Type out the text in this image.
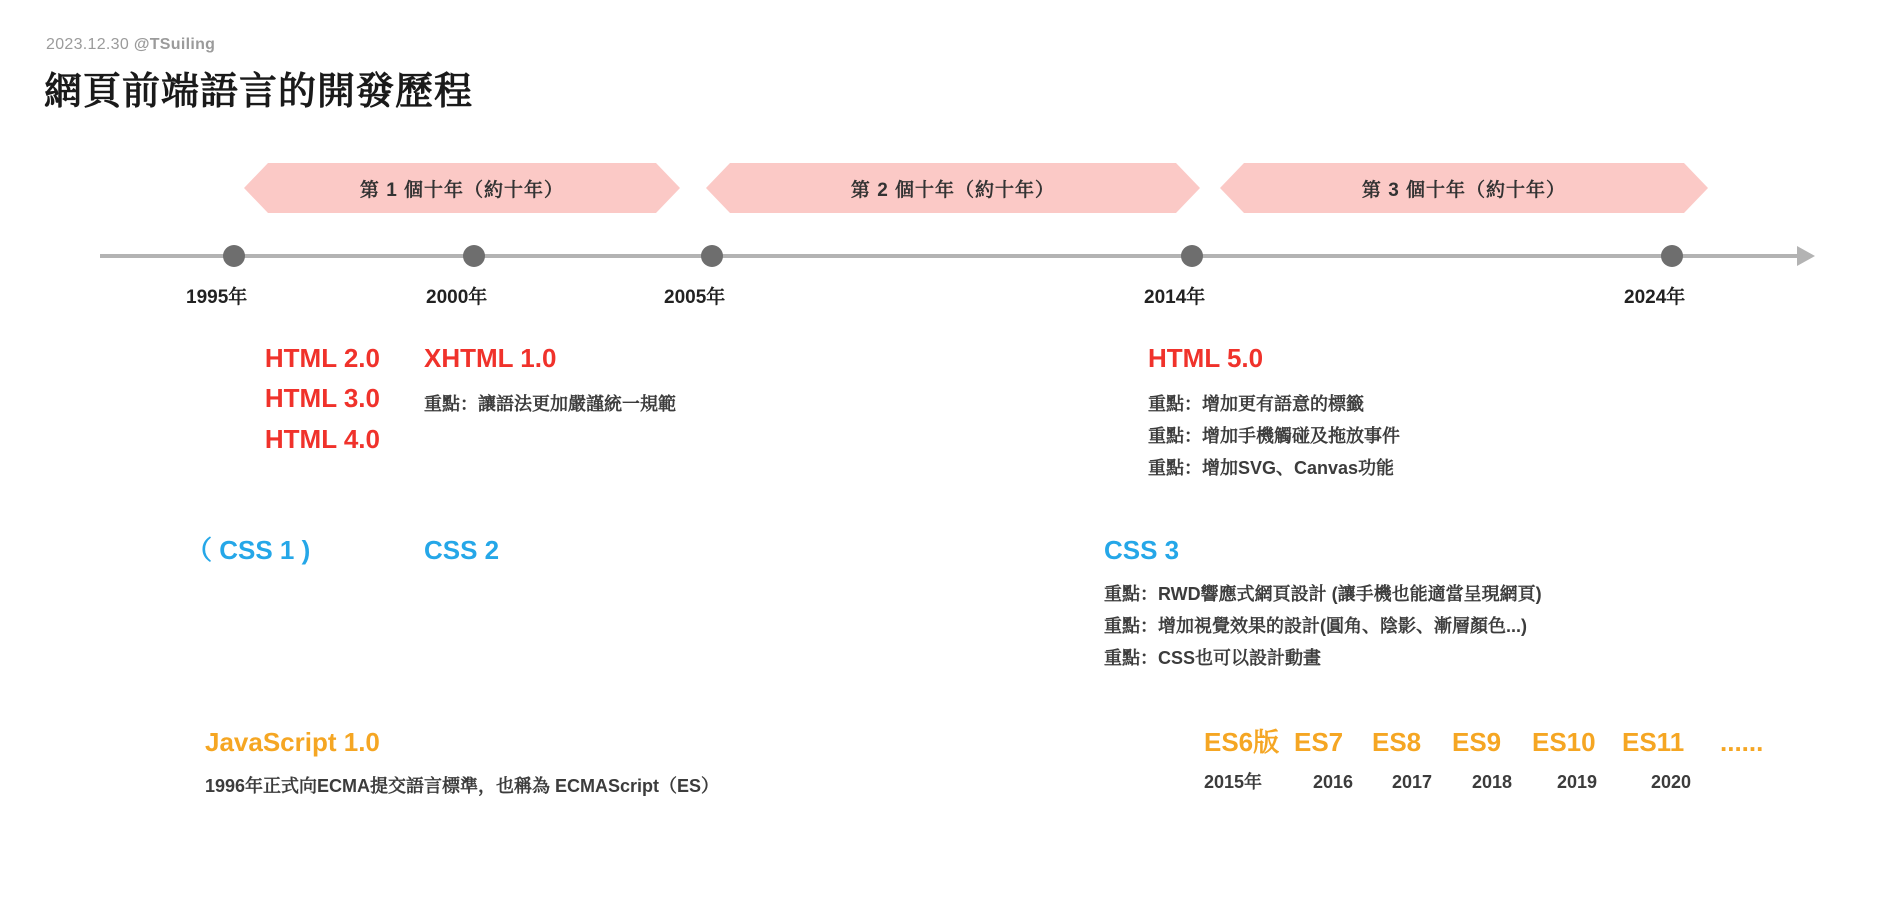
2023.12.30 @TSuiling
網頁前端語言的開發歷程
第 1 個十年（約十年）	第 2 個十年（約十年）	第 3 個十年（約十年）
1995年	2000年	2005年	2014年	2024年
HTML 2.0
HTML 3.0
HTML 4.0
XHTML 1.0
重點：讓語法更加嚴謹統一規範
HTML 5.0
重點：增加更有語意的標籤
重點：增加手機觸碰及拖放事件
重點：增加SVG、Canvas功能
（ CSS 1 )	CSS 2	CSS 3
重點：RWD響應式網頁設計 (讓手機也能適當呈現網頁)
重點：增加視覺效果的設計(圓角、陰影、漸層顏色...)
重點：CSS也可以設計動畫
JavaScript 1.0
1996年正式向ECMA提交語言標準，也稱為 ECMAScript（ES）
ES6版 ES7	ES8	ES9	ES10	ES11	......
2015年	2016	2017	2018	2019	2020
